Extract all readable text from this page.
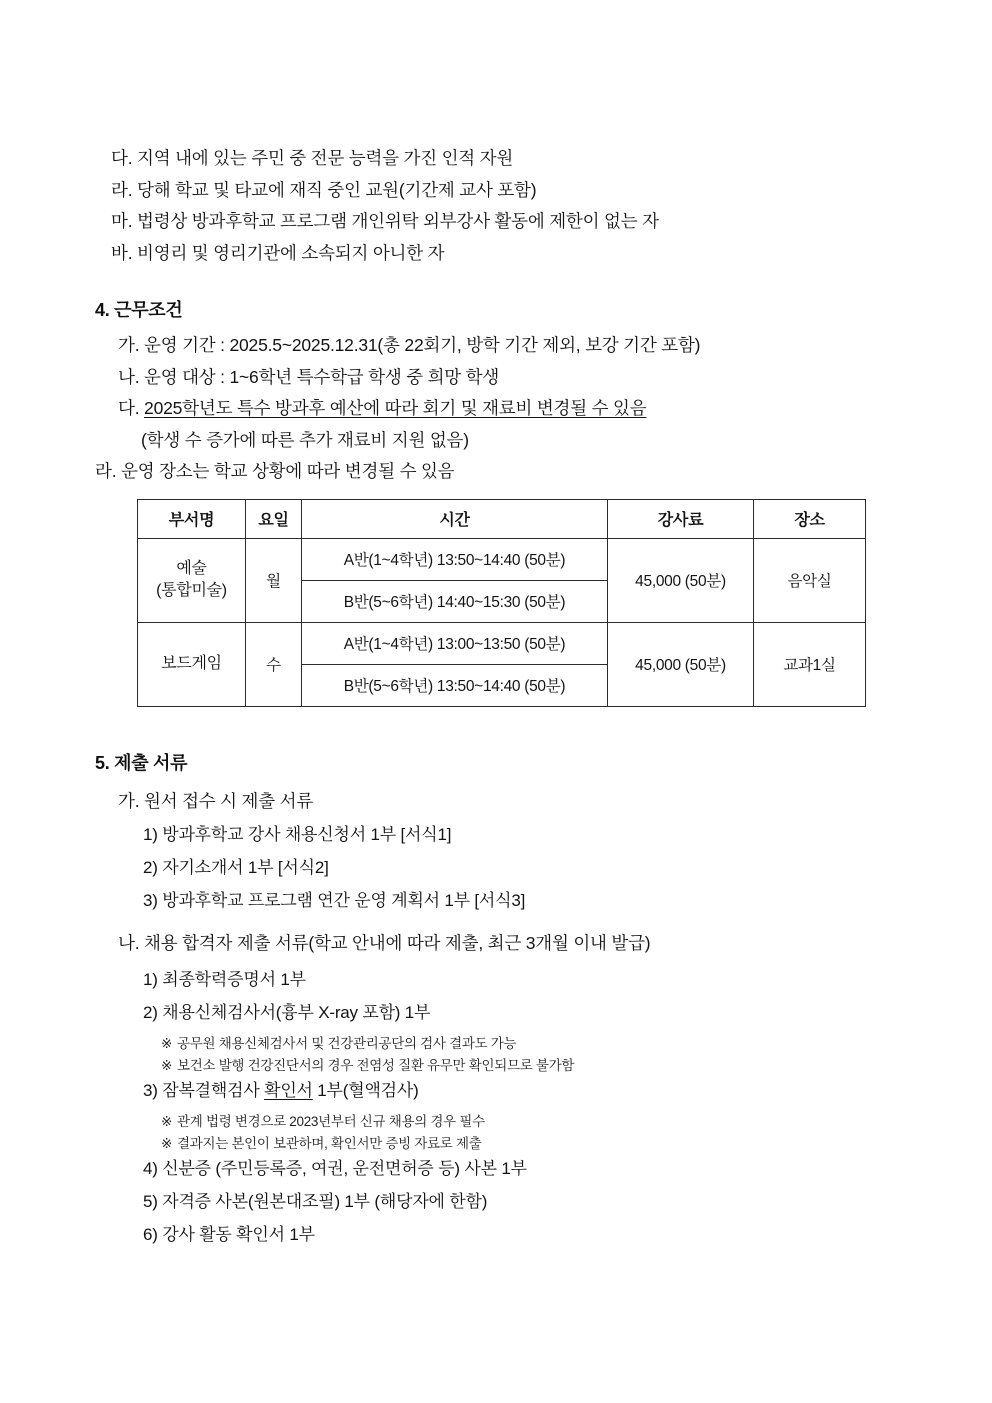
다. 지역 내에 있는 주민 중 전문 능력을 가진 인적 자원
라. 당해 학교 및 타교에 재직 중인 교원(기간제 교사 포함)
마. 법령상 방과후학교 프로그램 개인위탁 외부강사 활동에 제한이 없는 자
바. 비영리 및 영리기관에 소속되지 아니한 자
4. 근무조건
가. 운영 기간 : 2025.5~2025.12.31(총 22회기, 방학 기간 제외, 보강 기간 포함)
나. 운영 대상 : 1~6학년 특수학급 학생 중 희망 학생
다. 2025학년도 특수 방과후 예산에 따라 회기 및 재료비 변경될 수 있음
(학생 수 증가에 따른 추가 재료비 지원 없음)
라. 운영 장소는 학교 상황에 따라 변경될 수 있음
부서명	요일	시간	강사료	장소
예술
(통합미술)	월	A반(1~4학년) 13:50~14:40 (50분)	45,000 (50분)	음악실
		B반(5~6학년) 14:40~15:30 (50분)		
보드게임	수	A반(1~4학년) 13:00~13:50 (50분)	45,000 (50분)	교과1실
		B반(5~6학년) 13:50~14:40 (50분)		
5. 제출 서류
가. 원서 접수 시 제출 서류
1) 방과후학교 강사 채용신청서 1부 [서식1]
2) 자기소개서 1부 [서식2]
3) 방과후학교 프로그램 연간 운영 계획서 1부 [서식3]
나. 채용 합격자 제출 서류(학교 안내에 따라 제출, 최근 3개월 이내 발급)
1) 최종학력증명서 1부
2) 채용신체검사서(흉부 X-ray 포함) 1부
※ 공무원 채용신체검사서 및 건강관리공단의 검사 결과도 가능
※ 보건소 발행 건강진단서의 경우 전염성 질환 유무만 확인되므로 불가함
3) 잠복결핵검사 확인서 1부(혈액검사)
※ 관계 법령 변경으로 2023년부터 신규 채용의 경우 필수
※ 결과지는 본인이 보관하며, 확인서만 증빙 자료로 제출
4) 신분증 (주민등록증, 여권, 운전면허증 등) 사본 1부
5) 자격증 사본(원본대조필) 1부 (해당자에 한함)
6) 강사 활동 확인서 1부
